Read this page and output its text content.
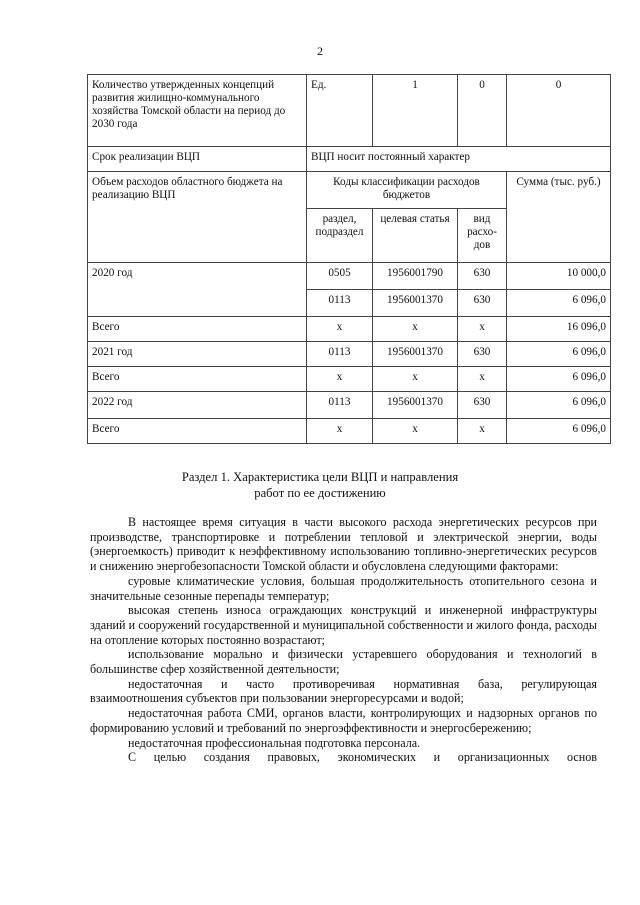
2
Количество утвержденных концепций развития жилищно-коммунального хозяйства Томской области на период до 2030 года	Ед.	1	0	0
Срок реализации ВЦП	ВЦП носит постоянный характер			
Объем расходов областного бюджета на реализацию ВЦП	Коды классификации расходов бюджетов			Сумма (тыс. руб.)
	раздел, подраздел	целевая статья	вид расхо-дов	
2020 год	0505	1956001790	630	10 000,0
	0113	1956001370	630	6 096,0
Всего	х	х	х	16 096,0
2021 год	0113	1956001370	630	6 096,0
Всего	х	х	х	6 096,0
2022 год	0113	1956001370	630	6 096,0
Всего	х	х	х	6 096,0
Раздел 1. Характеристика цели ВЦП и направления
работ по ее достижению

В настоящее время ситуация в части высокого расхода энергетических ресурсов при производстве, транспортировке и потреблении тепловой и электрической энергии, воды (энергоемкость) приводит к неэффективному использованию топливно-энергетических ресурсов и снижению энергобезопасности Томской области и обусловлена следующими факторами:

суровые климатические условия, большая продолжительность отопительного сезона и значительные сезонные перепады температур;

высокая степень износа ограждающих конструкций и инженерной инфраструктуры зданий и сооружений государственной и муниципальной собственности и жилого фонда, расходы на отопление которых постоянно возрастают;

использование морально и физически устаревшего оборудования и технологий в большинстве сфер хозяйственной деятельности;

недостаточная и часто противоречивая нормативная база, регулирующая взаимоотношения субъектов при пользовании энергоресурсами и водой;

недостаточная работа СМИ, органов власти, контролирующих и надзорных органов по формированию условий и требований по энергоэффективности и энергосбережению;

недостаточная профессиональная подготовка персонала.

С целью создания правовых, экономических и организационных основ
